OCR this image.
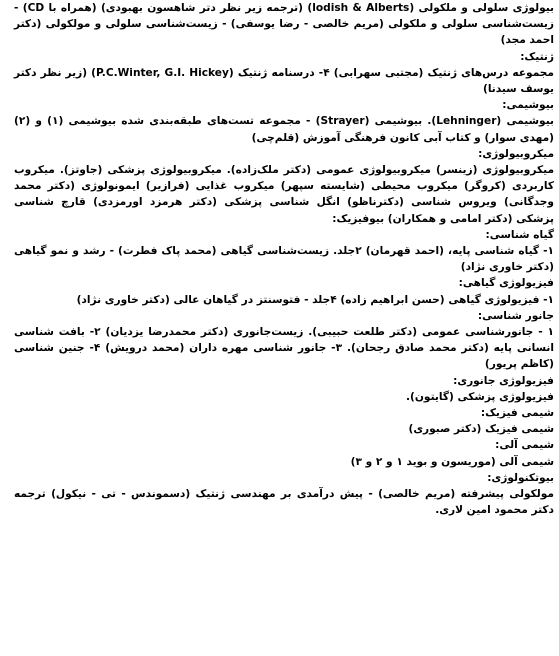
بیولوژی سلولی و ملکولی (lodish & Alberts) (ترجمه زیر نظر دتر شاهسون بهبودی) (همراه با CD) - زیست‌شناسی سلولی و ملکولی (مریم خالصی - رضا یوسفی) - زیست‌شناسی سلولی و مولکولی (دکتر احمد مجد)

ژنتیک:

مجموعه درس‌های ژنتیک (مجتبی سهرابی) ۴- درسنامه ژنتیک (P.C.Winter, G.I. Hickey) (زیر نظر دکتر یوسف سیدنا)

بیوشیمی:

بیوشیمی (Lehninger). بیوشیمی (Strayer) - مجموعه تست‌های طبقه‌بندی شده بیوشیمی (۱) و (۲) (مهدی سوار) و کتاب آبی کانون فرهنگی آموزش (قلم‌چی)

میکروبیولوژی:

میکروبیولوژی (زینسر) میکروبیولوژی عمومی (دکتر ملک‌زاده). میکروبیولوژی پزشکی (جاوتز). میکروب کاربردی (کروگر) میکروب محیطی (شایسته سپهر) میکروب غذایی (فرازیر) ایمونولوژی (دکتر محمد وجدگانی) ویروس شناسی (دکترناظو) انگل شناسی پزشکی (دکتر هرمزد اورمزدی) قارچ شناسی پزشکی (دکتر امامی و همکاران) بیوفیزیک:

گیاه شناسی:

۱- گیاه شناسی پایه، (احمد قهرمان) ۲جلد. زیست‌شناسی گیاهی (محمد پاک فطرت) - رشد و نمو گیاهی (دکتر خاوری نژاد)

فیزیولوژی گیاهی:

۱- فیزیولوژی گیاهی (حسن ابراهیم زاده) ۴جلد - فتوسنتز در گیاهان عالی (دکتر خاوری نژاد)

جانور شناسی:

۱ - جانورشناسی عمومی (دکتر طلعت حبیبی). زیست‌جانوری (دکتر محمدرضا یزدیان) ۲- بافت شناسی انسانی پایه (دکتر محمد صادق رجحان). ۳- جانور شناسی مهره داران (محمد درویش) ۴- جنین شناسی (کاظم پریور)

فیزیولوژی جانوری:

فیزیولوژی پزشکی (گایتون).

شیمی فیزیک:

شیمی فیزیک (دکتر صبوری)

شیمی آلی:

شیمی آلی (موریسون و بوید ۱ و ۲ و ۳)

بیوتکنولوژی:

مولکولی پیشرفته (مریم خالصی) - پیش درآمدی بر مهندسی ژنتیک (دسموندس - تی - نیکول) ترجمه دکتر محمود امین لاری.
